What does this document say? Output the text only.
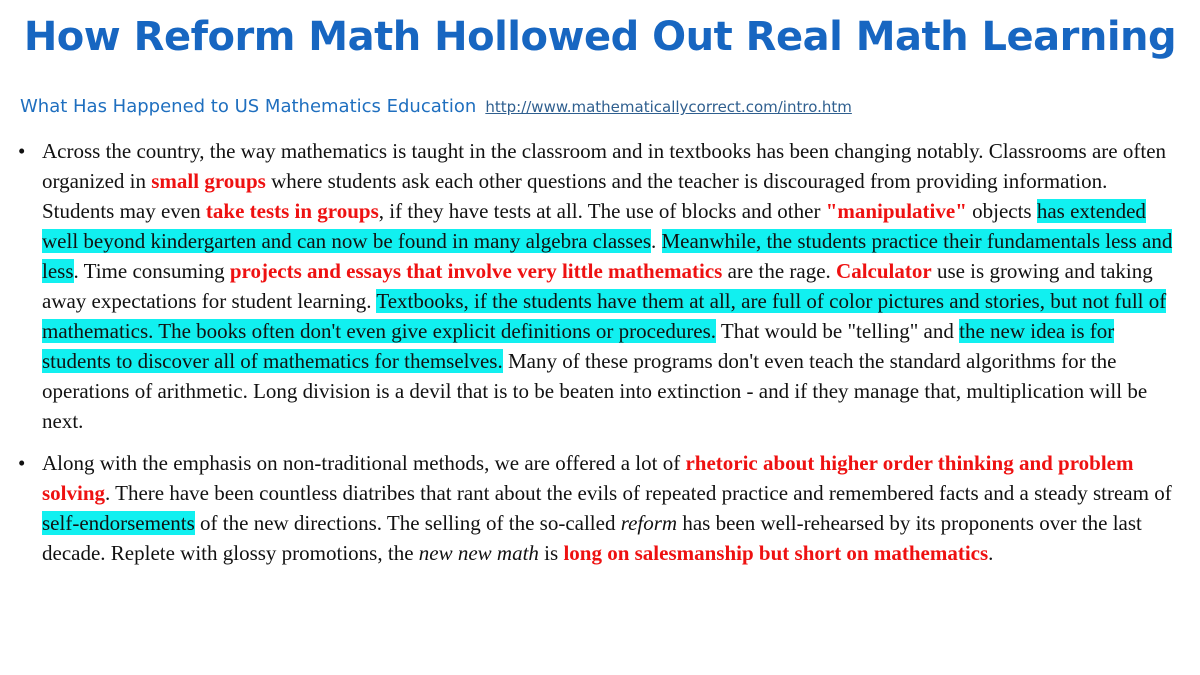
How Reform Math Hollowed Out Real Math Learning
What Has Happened to US Mathematics Education http://www.mathematicallycorrect.com/intro.htm
• Across the country, the way mathematics is taught in the classroom and in textbooks has been changing notably. Classrooms are often organized in small groups where students ask each other questions and the teacher is discouraged from providing information. Students may even take tests in groups, if they have tests at all. The use of blocks and other "manipulative" objects has extended well beyond kindergarten and can now be found in many algebra classes. Meanwhile, the students practice their fundamentals less and less. Time consuming projects and essays that involve very little mathematics are the rage. Calculator use is growing and taking away expectations for student learning. Textbooks, if the students have them at all, are full of color pictures and stories, but not full of mathematics. The books often don't even give explicit definitions or procedures. That would be "telling" and the new idea is for students to discover all of mathematics for themselves. Many of these programs don't even teach the standard algorithms for the operations of arithmetic. Long division is a devil that is to be beaten into extinction - and if they manage that, multiplication will be next.
• Along with the emphasis on non-traditional methods, we are offered a lot of rhetoric about higher order thinking and problem solving. There have been countless diatribes that rant about the evils of repeated practice and remembered facts and a steady stream of self-endorsements of the new directions. The selling of the so-called reform has been well-rehearsed by its proponents over the last decade. Replete with glossy promotions, the new new math is long on salesmanship but short on mathematics.
